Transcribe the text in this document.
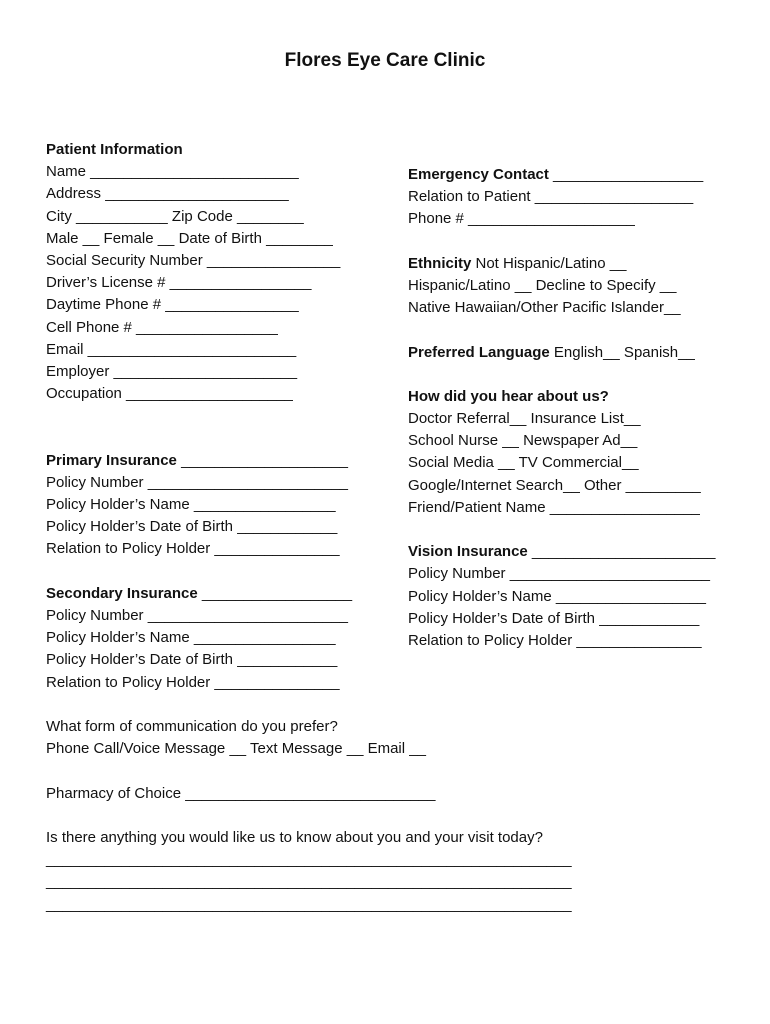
Flores Eye Care Clinic
Patient Information
Name _________________________
Address ______________________
City ___________ Zip Code ________
Male __ Female __ Date of Birth ________
Social Security Number ________________
Driver’s License # _________________
Daytime Phone # ________________
Cell Phone # _________________
Email _________________________
Employer ______________________
Occupation ____________________
Primary Insurance ____________________
Policy Number ________________________
Policy Holder’s Name _________________
Policy Holder’s Date of Birth ____________
Relation to Policy Holder _______________
Secondary Insurance __________________
Policy Number ________________________
Policy Holder’s Name _________________
Policy Holder’s Date of Birth ____________
Relation to Policy Holder _______________
Emergency Contact __________________
Relation to Patient ___________________
Phone # ____________________
Ethnicity Not Hispanic/Latino __
Hispanic/Latino __ Decline to Specify __
Native Hawaiian/Other Pacific Islander__
Preferred Language English__ Spanish__
How did you hear about us?
Doctor Referral__ Insurance List__
School Nurse __ Newspaper Ad__
Social Media __ TV Commercial__
Google/Internet Search__ Other _________
Friend/Patient Name __________________
Vision Insurance ______________________
Policy Number ________________________
Policy Holder’s Name __________________
Policy Holder’s Date of Birth ____________
Relation to Policy Holder _______________
What form of communication do you prefer?
Phone Call/Voice Message __ Text Message __ Email __
Pharmacy of Choice ______________________________
Is there anything you would like us to know about you and your visit today?
_______________________________________________________________
_______________________________________________________________
_______________________________________________________________
